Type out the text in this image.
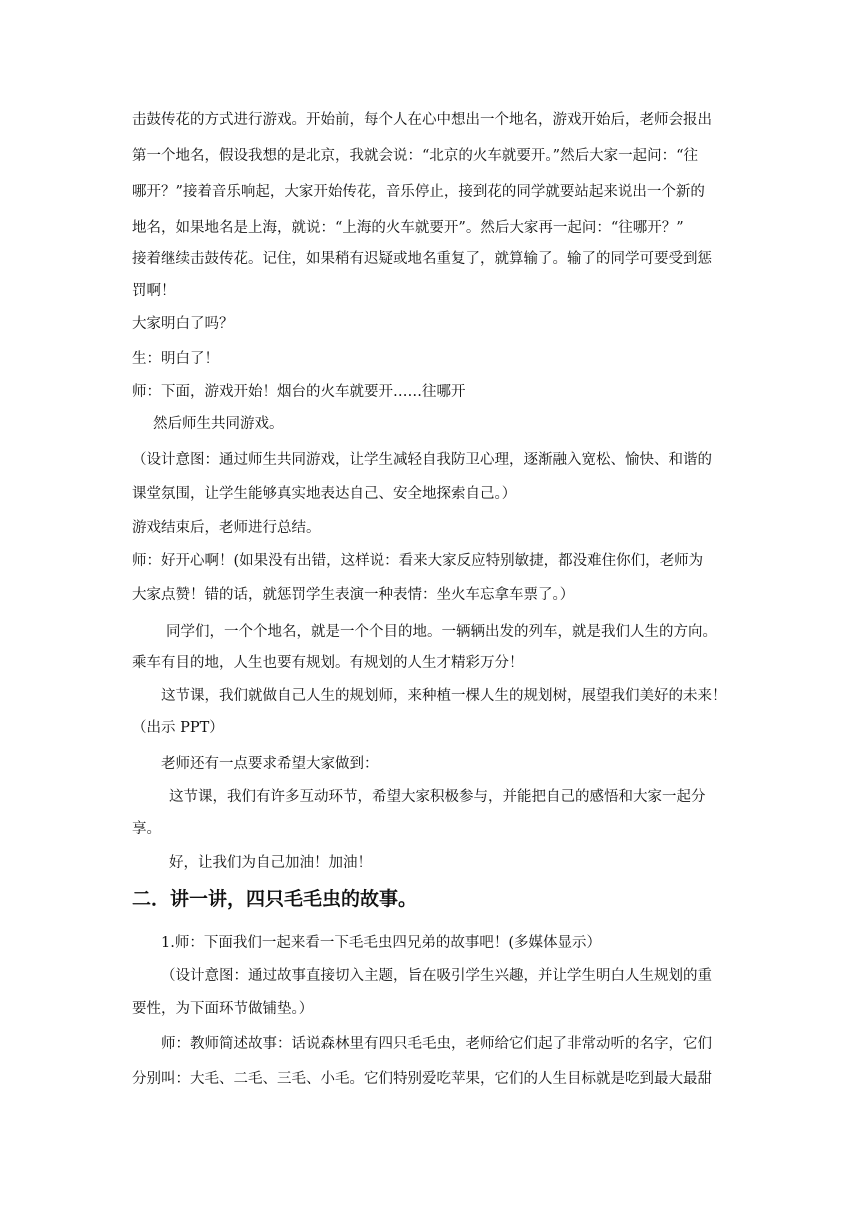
击鼓传花的方式进行游戏。开始前，每个人在心中想出一个地名，游戏开始后，老师会报出
第一个地名，假设我想的是北京，我就会说：“北京的火车就要开。”然后大家一起问：“往
哪开？”接着音乐响起，大家开始传花，音乐停止，接到花的同学就要站起来说出一个新的
地名，如果地名是上海，就说：“上海的火车就要开”。然后大家再一起问：“往哪开？”
接着继续击鼓传花。记住，如果稍有迟疑或地名重复了，就算输了。输了的同学可要受到惩
罚啊！
大家明白了吗？
生：明白了！
师：下面，游戏开始！烟台的火车就要开……往哪开
然后师生共同游戏。
（设计意图：通过师生共同游戏，让学生减轻自我防卫心理，逐渐融入宽松、愉快、和谐的
课堂氛围，让学生能够真实地表达自己、安全地探索自己。）
游戏结束后，老师进行总结。
师：好开心啊！(如果没有出错，这样说：看来大家反应特别敏捷，都没难住你们，老师为
大家点赞！错的话，就惩罚学生表演一种表情：坐火车忘拿车票了。）
同学们，一个个地名，就是一个个目的地。一辆辆出发的列车，就是我们人生的方向。
乘车有目的地，人生也要有规划。有规划的人生才精彩万分！
这节课，我们就做自己人生的规划师，来种植一棵人生的规划树，展望我们美好的未来！
（出示 PPT）
老师还有一点要求希望大家做到：
这节课，我们有许多互动环节，希望大家积极参与，并能把自己的感悟和大家一起分
享。
好，让我们为自己加油！加油！
二．讲一讲，四只毛毛虫的故事。
1.师：下面我们一起来看一下毛毛虫四兄弟的故事吧！(多媒体显示）
（设计意图：通过故事直接切入主题，旨在吸引学生兴趣，并让学生明白人生规划的重
要性，为下面环节做铺垫。）
师：教师简述故事：话说森林里有四只毛毛虫，老师给它们起了非常动听的名字，它们
分别叫：大毛、二毛、三毛、小毛。它们特别爱吃苹果，它们的人生目标就是吃到最大最甜
